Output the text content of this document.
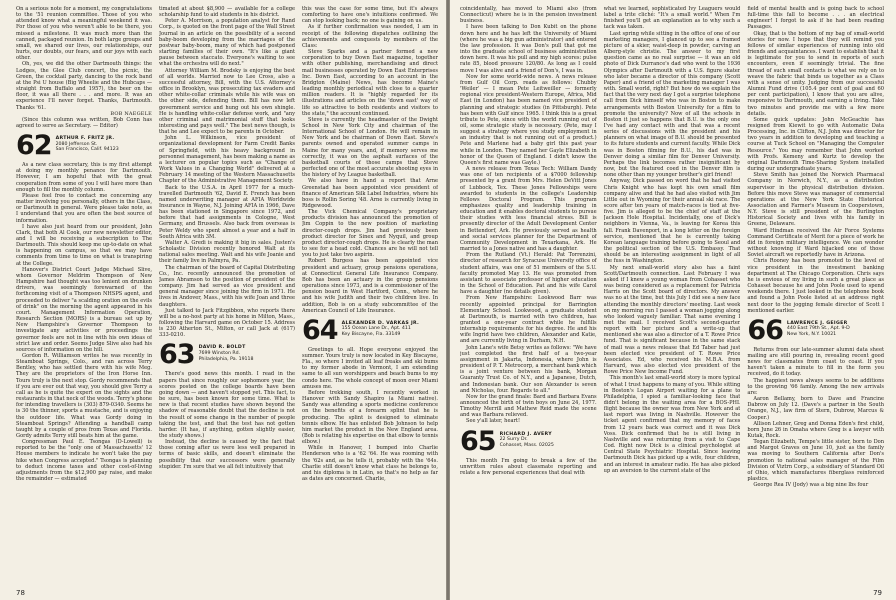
On a serious note for a moment, my congratulations to the '51 reunion committee. Those of you who attended know what a meaningful weekend it was. For those of you who weren't able to be there, you missed a milestone. It was much more than the canned, packaged reunion. In both large groups and small, we shared our lives, our relationships, our hurts, our doubts, our fears, and our joys with each other.

Oh, yes, we did the other Dartmouth things: the Lodges, the Glee Club concert, the picnic, the Green, the cocktail party, dancing to the rock band at the Psi U house (Big Wheelie and the Hubcaps — straight from Buffalo and 1957), the beer on the floor, it was all there . . . and more. It was an experience I'll never forget. Thanks, Dartmouth. Thanks '61.

BOB NAEGELE

(Since this column was written, Bob Conn has agreed to serve as Secretary. — Editor)

62 ARTHUR F. FRITZ JR.
2080 Jefferson St.
San Francisco, Calif. 94123

As a new class secretary, this is my first attempt at doing my monthly penance for Dartmouth. However, I am hopeful that with the great cooperation from some of you I will have more than enough to fill the monthly column.

Please feel free to contact me concerning any matter involving you personally, others in the Class, or Dartmouth in general. Were please take note, as I understand that you are often the best source of information.

I have also just heard from our president, John Clark, that both Al Cook, our new newsletter editor, and I will be receiving a subscription to The Dartmouth. This should keep me up-to-date on what is happening on campus, so that we may have comments from time to time on what is transpiring at the College.

Hanover's District Court Judge Michael Slive, whom Governor Meldrim Thompson of New Hampshire had thought was too lenient on drunken drivers, was seemingly forewarned of the forthcoming visit of a Thompson NHSPS agent, and proceeded to deliver "a scalding oration on the evils of drink" on the morning the agent appeared in his court. Management Information Operation, Research Section (MORS) is a bureau set up by New Hampshire's Governor Thompson to investigate any activities or proceedings the governor feels are not in line with his own ideas of strict law and order. Seems Judge Slive also had his sources of information on the hill.

Gordon R. Williamson writes he was recently in Steamboat Springs, Colo., and ran across Terry Bentley, who has settled there with his wife Meg. They are the proprietors of the Iron Horse Inn. Tours truly is the next stop. Gordy recommends that if you are ever out that way, you should give Terry a call as he is quite the expert on the sights and the restaurants in that neck of the woods. Terry's phone for intending travellers is (303) 879-0340. Seems he is 30 the thinner, sports a mustache, and is enjoying the outdoor life. What was Gordy doing in Steamboat Springs? Attending a handball camp taught by a couple of pros from Texas and Florida. Gordy admits Terry still beats him at the game.

Congressman Paul E. Tsongas (D-Lowell) is reported to be the "only one of Massachusetts' 12 House members to indicate he won't take the pay hike when Congress accepted." Tsongas is planning to deduct income taxes and other cost-of-living adjustments from the $12,900 pay raise, and make the remainder — estimated

timated at about $8,900 — available for a college scholarship fund to aid students in his district.

Peter A. Morrison, a population analyst for Rand Corp., is quoted on the front page of the Wall Street Journal in an article on the possibility of a second baby-boom developing from the marriages of the postwar baby-boom, many of which had postponed starting families of their own. "It's like a giant pause between staccato. Everyone's waiting to see what the orchestra will do next."

Attorney William M. Brodsky is enjoying the best of all worlds. Married now to Lee Cross, also a successful attorney, Bill, with the U.S. Attorney's office in Brooklyn, was prosecuting tax evaders and other white-collar criminals while his wife was on the other side, defending them. Bill has now left government service and hung out his own shingle. He is handling white-collar defense work, and "any other criminal and matrimonial stuff that looks interesting and pays well." The best news though, is that he and Lee expect to be parents in October.

John L. Wilkinson, vice president of organizational development for Farm Credit Banks of Springfield, with his heavy background in personnel management, has been making a name as a lecturer on popular topics such as "Change of Work Values in a Changing World" delivered at a February 14 meeting of the Western Massachusetts Chapter of the Administrative Management Society.

Back to the U.S.A. in April 1977 for a much-travelled Dartmouth '62, David E. French has been named underwriting manager at AFIA Worldwide Insurance in Wayne, N.J. Joining AFIA in 1966, Dave has been stationed in Singapore since 1972, and before that had assignments in Cologne, West Germany, and Brussels. Also back from overseas is Peter Weldy who spent almost a year and a half in South Africa with 3M.

Walter A. Gredi is making it big in sales. Justen's Scholastic Division recently honored Walt at its national sales meeting. Walt and his wife Joanie and their family live in Palmyra, Pa.

The chairman of the board of Capital Distributing Co., Inc. recently announced the promotion of James Abramson to the position of president of the company. Jim had served as vice president and general manager since joining the firm in 1971. He lives in Andover, Mass., with his wife Joan and three daughters.

Just talked to Jack Fitzgibbon, who reports there will be a no-host party at his home in Milton, Mass., following the Harvard game on October 15. Address is 230 Atherton St., Milton, or call Jack at (617) 333-0210.

63 DAVID R. BOLDT
7699 Winston Rd.
Philadelphia, Pa. 19118

There's good news this month. I read in the papers that since roughly our sophomore year, the scores posted on the college boards have been going down — and haven't stopped yet. This fact, to be sure, has been known for some time. What is new is that recent studies have shown beyond the shadow of reasonable doubt that the decline is not the result of some change in the number of people taking the test, and that the test has not gotten harder. (It has, if anything, gotten slightly easier, the study shows.)

Instead, the decline is caused by the fact that those coming after us were less well prepared in terms of basic skills, and doesn't eliminate the possibility that our successors were generally stupider. I'm sure that we all felt intuitively that

this was the case for some time, but it's always comforting to have one's intuitions confirmed. We can stop looking back; no one is gaining on us.

As if further confirmation was needed, I am in receipt of the following dispatches outlining the achievements and conquests by members of the Class:

Steve Sparks and a partner formed a new corporation to buy Down East magazine, together with other publishing, merchandising and direct mail businesses operated by Down East Enterprises Inc. Down East, according to an account in the Bridgton (Maine) News, has become Maine's leading monthly periodical with close to a quarter million readers. It is "highly regarded for its illustrations and articles on the 'down east' way of life so attractive to both residents and visitors to the state," the account continued.

Steve is currently the headmaster of the Dwight School in New York City and chairman of the International School of London. He will remain in New York and be chairman of Down East. Steve's parents owned and operated summer camps in Maine for many years, and, if memory serves me correctly, it was on the asphalt surfaces of the basketball courts of those camps that Steve perfected one of the most accurate shooting eyes in the history of Ivy League basketball.

We also have in hand a report that Arne Greenstad has been appointed vice president of finance of American Silk Label Industries, where his boss is Rollin Soring '48. Arne is currently living in Ridgewood.

The Vick Chemical Company's proprietary products division has announced the promotion of Jim Coppin to the new position of marketing director-cough drops. Jim had previously been product director for Sinex and Nyquil, and group product director-cough drops. He is clearly the man to see for a head cold. Chances are he will not tell you to just take two aspirin.

Robert Burgess has been appointed vice president and actuary, group pensions operations, at Connecticut General Life Insurance Company. Bob has been an actuary in the group pensions operations since 1973, and is a commissioner of the pension board in West Hartford, Conn., where he and his wife Judith and their two children live. In addition, Bob is on a study subcommittee of the American Council of Life Insurance.

64 ALEXANDER D. VARKAS JR.
155 Ocean Lane Dr., Apt. 411
Key Biscayne, Fla. 33149

Greetings to all. Hope everyone enjoyed the summer. Yours truly is now located in Key Biscayne, Fla., so where I invited all leaf freaks and ski bums to my former abode in Vermont, I am extending same to all sun worshippers and beach bums to my condo here. The whole concept of moon over Miami amuses me.

Before trekking south, I recently worked in Hanover with Sandy Shapiro (a Miami native). Sandy was attending a sports medicine conference on the benefits of a forearm splint that he is producing. The splint is designed to eliminate tennis elbow. He has enlisted Bob Johnson to help him market the product in the New England area. (Bob is relating his expertise on that elbow to tennis elbow.)

While in Hanover, I bumped into Charlie Henderson who is a '62 '64. He was rooming with the '62s and, as he tells it, probably with the '64s. Charlie still doesn't know what class he belongs to, and his diploma is in Latin, so that's no help as far as dates are concerned. Charlie,

78

coincidentally, has moved to Miami also (from Connecticut) where he is in the pension investment business.

I have been talking to Don Kubit on the phone down here and he has left the University of Miami (where he was a big gun administrator) and entered the law profession. It was Don's pull that got me into the graduate school of business administration down here. It was his pull and my high scores: pulse rate 85, blood pressure 120/80. As long as I could move I was alive and a friend of Don's, I was in.

Now for some world-wide news. A news release from Gulf Oil Corp. reads as follows: Chubby 'Weiler' — I mean Pete Leitweiller — formerly regional vice president-Western Europe, Africa, Mid East (in London) has been named vice president of planning and strategic studies (in Pittsburgh). Pete has been with Gulf since 1965. I think this is a great tribute to Pete, since with the world running out of oil, some strategic study is necessary. (Pete, may I suggest a strategy where you study employment in an industry that is not running out of a product.) Pete and Marlene had a baby girl this past year while in London. They named her Gayle Elizabeth in honor of the Queen of England. I didn't know the Queen's first name was Gayle.)

A news release from Texas Tech: William Dandy was one of ten recipients of a $7000 fellowship presented by a grant from Mrs. Helen DeVitt Jones of Lubbock, Tex. These Jones Fellowships were awarded to students in the college's Leadership Fellows Doctoral Program. This program emphasizes quality and leadership training in education and it enables doctoral students to pursue their studies with less financial stress. Bill is presently director of the Adult Development Center in Bettendorf, Ark. He previously served as health and social services planner for the Department of Community Development in Texarkana, Ark. He married to a Jones native and has a daughter.

From the Rutland (Vt.) Herald: Pat Torrenzini, director of research for Syracuse University office of student affairs, was one of 51 members of the S.U. faculty promoted May 13. He was promoted from assistant to associate professor of higher education in the School of Education. Pat and his wife Carol have a daughter (no details given).

From New Hampshire: Lookwood Barr was recently appointed principal for Barrington Elementary School. Lookwood, a graduate student at Dartmouth, is married with two children, has granted a one-year contract while he fulfills internship requirements for his degree. He and his wife Ingrid have two children, Alexander and Katie, and are currently living in Durham, N.H.

John Lane's wife Betsy writes as follows: "We have just completed the first half of a two-year assignment in Jakarta, Indonesia, where John is president of P. T. Metrocorp, a merchant bank which is a joint venture between his bank, Morgan Guaranty Trust Co. of N.Y., and a Japanese, Dutch, and Indonesian bank. Our son Alexander is seven and Nicholas, four. Regards to all."

Now for the grand finale: Bard and Barbara Evans announced the birth of twin boys on June 24, 1977. Timothy Merrill and Mathew Reid made the scene and was Barbara relieved.

See y'all later, heart!

65 RICHARD J. AVERY
22 Surry Dr.
Cohasset, Mass. 02025

This month I'm going to break a few of the unwritten rules about classmate reporting and relate a few personal experiences that deal with

what we learned, sophisticated Ivy Leaguers would label a trite cliché: "It's a small world." When I'm finished you'll get an explanation as to why such a tack was taken.

Last spring while sitting in the office of one of our marketing managers, I glanced up to see a framed picture of a skier, waist-deep in powder, carving an Alberg-style christie. The answer to my first question came as no real surprise — it was an old photo of Dick Durrance's dad who went to the 1936 Olympics after Dartmouth with a U.S. figure skater who later became a director of this company (Scott Paper) and a friend of the marketing manager I was with. Small world, right? But how do we explain the fact that the very next day I got a surprise telephone call from Dick himself who was in Boston to make arrangements with Boston University for a film to promote the university? Now of all the schools in Boston it just so happens that B.U. is the only one I've had any contact with and that was a recent series of discussions with the president and his planners on what image of B.U. should be presented to its future students and current faculty. While Dick was in Boston filming for B.U., his dad was in Denver doing a similar film for Denver University. Perhaps the link becomes rather insignificant by now, but the featured coed in the Denver film is none other than my younger brother's girl friend!

Anyway, Dick passed on word that he had visited Chris Knight who has kept his own small film company alive and that he had also visited with Jim Little out in Wyoming for their annual ski race. The score after ten years of match-races is tied at five-five. Jim is alleged to be the chief of staff at the Jackson Hole Hospital. Incidentally, one of Dick's neighbors in Vienna, Va., is leaving for Korea this fall. Frank Davenport, in a long letter on the foreign service, mentioned that he is currently taking Korean language training before going to Seoul and the political section of the U.S. Embassy. That should be an interesting assignment in light of all the fuss in Washington.

My next small-world story also has a faint Scott/Dartmouth connection. Last February I was asked if I knew a young woman from Cohasset who was being considered as a replacement for Patricia Harris on the Scott board of directors. My answer was no at the time, but this July I did see a new face attending the monthly directors' meeting. Last week on my morning run I passed a woman jogging along who looked vaguely familiar. That same evening I met the mail. I received Scott's second-quarter report with her picture and a write-up that mentioned she was also a director of a T. Rowe Price fund. That is significant because in the same stack of mail was a news release that Ed Taber had just been elected vice president of T. Rowe Price Associates. Ed, who received his M.B.A. from Harvard, was also elected vice president of the Rowe Price New Income Fund.

This month's last small-world story is more typical of what I trust happens to many of you. While sitting in Boston's Logan Airport waiting for a plane to Philadelphia, I spied a familiar-looking face that didn't belong in the waiting area for a BOS-PHL flight because the owner was from New York and at last report was living in Nashville. However the ticket agent confirmed that my memory of faces from 12 years back was correct and it was Dick Voss. Dick confirmed that he is still living in Nashville and was returning from a visit to Cape Cod. Right now Dick is a clinical psychologist at Central State Psychiatric Hospital. Since leaving Dartmouth Dick has picked up a wife, four children, and an interest in amateur radio. He has also picked up an aversion to the current state of the

field of mental health and is going back to school full-time this fall to become . . . an electrical engineer! I forgot to ask if he had been reading Passages.

Okay, that is the bottom of my bag of small-world stories for now. I hope that they will remind you fellows of similar experiences of running into old friends and acquaintances. I want to establish that it is legitimate for you to send in reports of such encounters, even if seemingly trivial. The fine thread of such small contacts is what we rely on to weave the fabric that binds us together as a Class with a sense of unity. Judging from our successful Alumni Fund drive (105.4 per cent of goal and 60 per cent participation), I know that you are alive, responsive to Dartmouth, and earning a living. Take two minutes and provide me with a few more details.

Some quick updates: John McGeachie has resigned from Kiewit to go with Automatic Data Processing, Inc. in Clifton, N.J. John was director for two years in addition to developing and teaching a course at Tuck School on "Managing the Computer Resource." You may remember that John worked with Profs. Kemeny and Kurtz to develop the original Dartmouth Time-Sharing System installed during our undergraduate years.

Steve Smith has joined the Norwich Pharmacal Company in Norwich, N.Y., as a distribution supervisor in the physical distribution division. Before this move Steve was manager of commercial operations at the New York State Historical Association and Farmer's Museum in Cooperstown, N.Y. Steve is still president of the Burlington Historical Society and lives with his family in Greene, Delaware.

Ward Hindman received the Air Force Systems Command Certificate of Merit for a piece of work he did in foreign military intelligence. We can wonder without knowing if Ward hijacked one of those Soviet aircraft we reportedly have in Arizona.

Chris Rooney has been promoted to the level of vice president in the investment banking department at The Chicago Corporation. Chris says he is envious of my living in such a great place as Cohasset because he and John Poole used to spend weekends there. I just looked in the telephone book and found a John Poole listed at an address right next door to the jogging female director of Scott I mentioned earlier.

66 LAWRENCE J. GEIGER
440 East 79th St., Apt. 9-D
New York, N.Y. 10021

Returns from our late-summer alumni data sheet mailing are still pouring in, revealing recent good news for classmates from coast to coast. If you haven't taken a minute to fill in the form you received, do it today.

The happiest news always seems to be additions to the growing '66 family. Among the new arrivals are:

Aaron Bellamy, born to Dave and Francine Dabrow on July 12. (Dave's a partner in the South Orange, N.J., law firm of Stern, Dubrow, Marcus & Cooper.)

Allison Lehner, Greg and Donna Eden's first child, born June 26 in Omaha where Greg is a lawyer with Kutak, Rock.

Tegan Elizabeth, Tempe's little sister, born to Don and Margot Graves on June 10, just as the family was moving to Southern California after Don's promotion to national sales manager of the Film Division of Viztrn Corp., a subsidiary of Standard Oil of Ohio, which manufactures fiberglass reinforced plastics.

George Rea IV (Jody) was a big nine lbs four

79
